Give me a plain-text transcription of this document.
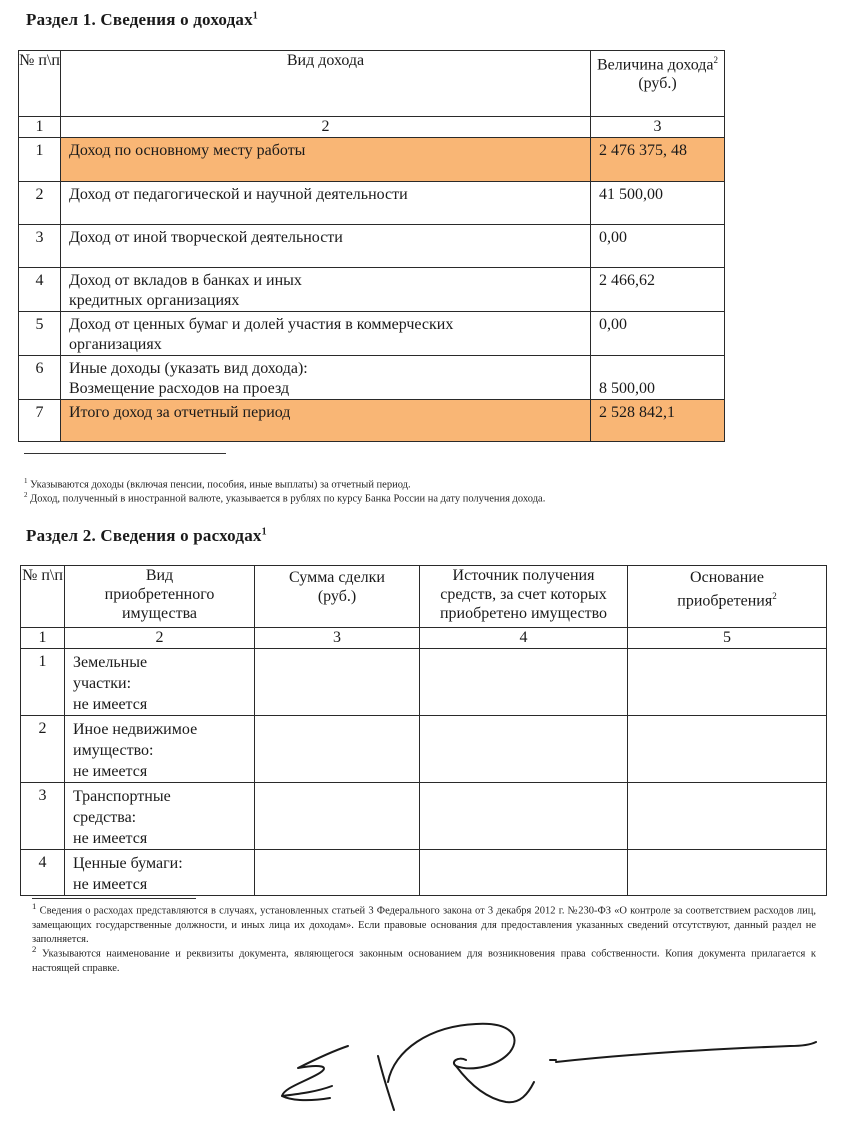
Раздел 1. Сведения о доходах$^1$
№ п\п	Вид дохода	Величина дохода$^2$
(руб.)
1	2	3
1	Доход по основному месту работы	2 476 375, 48
2	Доход от педагогической и научной деятельности	41 500,00
3	Доход от иной творческой деятельности	0,00
4	Доход от вкладов в банках и иных кредитных организациях	2 466,62
5	Доход от ценных бумаг и долей участия в коммерческих организациях	0,00
6	Иные доходы (указать вид дохода):
Возмещение расходов на проезд	8 500,00
7	Итого доход за отчетный период	2 528 842,1
$^1$ Указываются доходы (включая пенсии, пособия, иные выплаты) за отчетный период.
$^2$ Доход, полученный в иностранной валюте, указывается в рублях по курсу Банка России на дату получения дохода.
Раздел 2. Сведения о расходах$^1$
№ п\п	Вид приобретенного имущества	Сумма сделки (руб.)	Источник получения средств, за счет которых приобретено имущество	Основание приобретения$^2$
1	2	3	4	5
1	Земельные
участки:
не имеется			

2	Иное недвижимое
имущество:
не имеется			

3	Транспортные
средства:
не имеется			

4	Ценные бумаги:
не имеется			

$^1$ Сведения о расходах представляются в случаях, установленных статьей 3 Федерального закона от 3 декабря 2012 г. №230-ФЗ «О контроле за соответствием расходов лиц, замещающих государственные должности, и иных лица их доходам». Если правовые основания для предоставления указанных сведений отсутствуют, данный раздел не заполняется.
$^2$ Указываются наименование и реквизиты документа, являющегося законным основанием для возникновения права собственности. Копия документа прилагается к настоящей справке.
